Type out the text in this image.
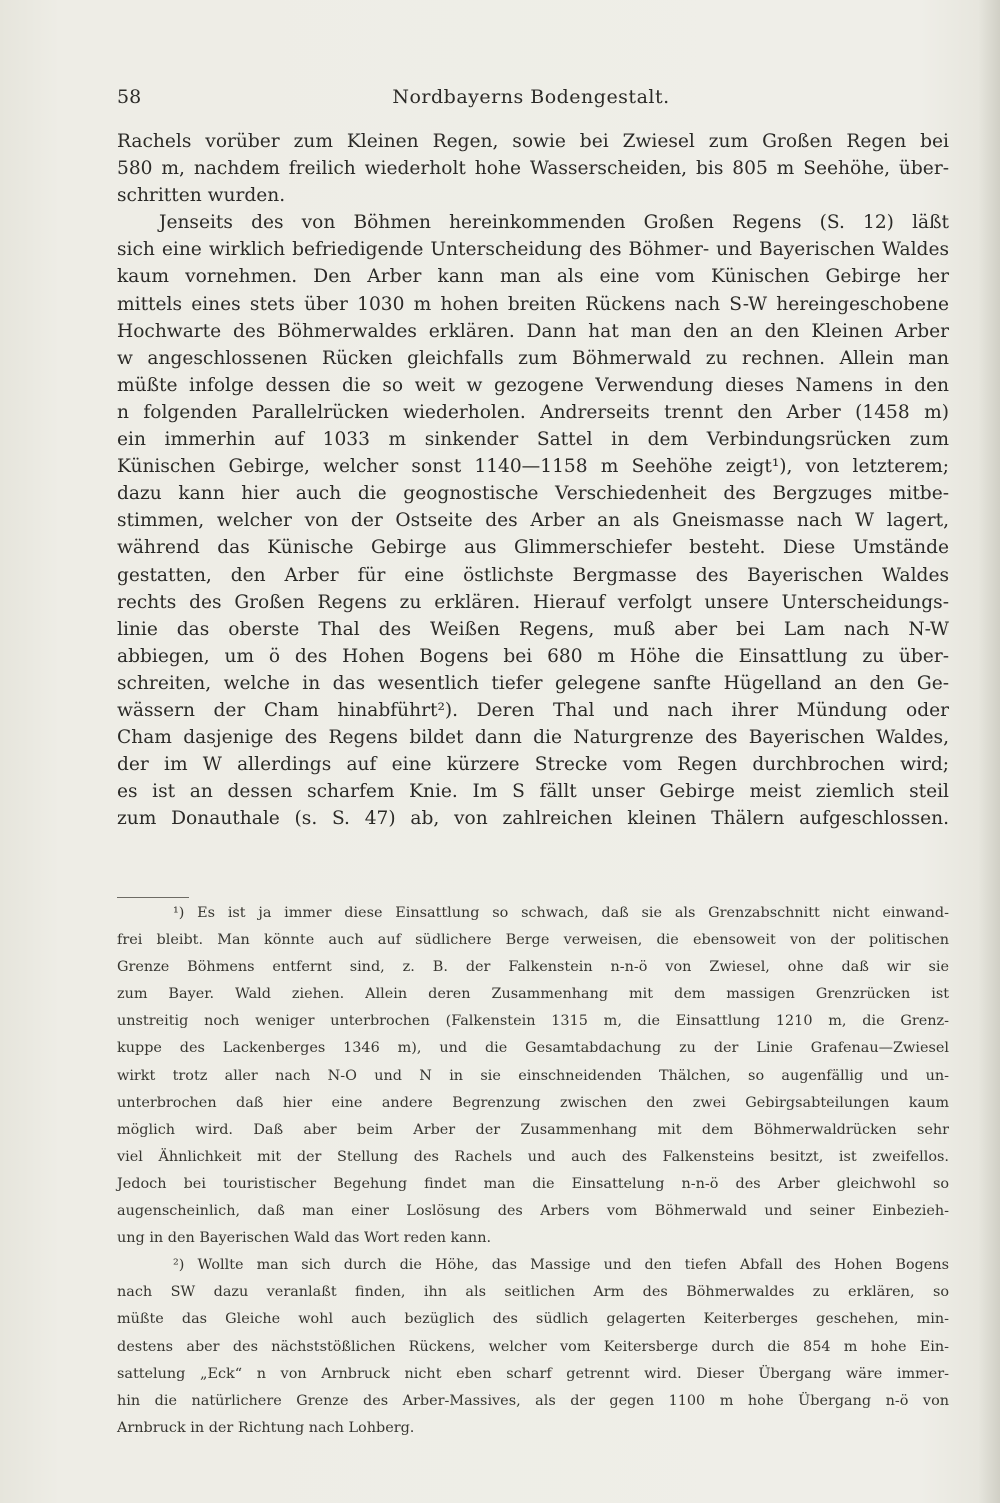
58	Nordbayerns Bodengestalt.
Rachels vorüber zum Kleinen Regen, sowie bei Zwiesel zum Großen Regen bei
580 m, nachdem freilich wiederholt hohe Wasserscheiden, bis 805 m Seehöhe, über-
schritten wurden.
Jenseits des von Böhmen hereinkommenden Großen Regens (S. 12) läßt
sich eine wirklich befriedigende Unterscheidung des Böhmer- und Bayerischen Waldes
kaum vornehmen. Den Arber kann man als eine vom Künischen Gebirge her
mittels eines stets über 1030 m hohen breiten Rückens nach S-W hereingeschobene
Hochwarte des Böhmerwaldes erklären. Dann hat man den an den Kleinen Arber
w angeschlossenen Rücken gleichfalls zum Böhmerwald zu rechnen. Allein man
müßte infolge dessen die so weit w gezogene Verwendung dieses Namens in den
n folgenden Parallelrücken wiederholen. Andrerseits trennt den Arber (1458 m)
ein immerhin auf 1033 m sinkender Sattel in dem Verbindungsrücken zum
Künischen Gebirge, welcher sonst 1140—1158 m Seehöhe zeigt¹), von letzterem;
dazu kann hier auch die geognostische Verschiedenheit des Bergzuges mitbe-
stimmen, welcher von der Ostseite des Arber an als Gneismasse nach W lagert,
während das Künische Gebirge aus Glimmerschiefer besteht. Diese Umstände
gestatten, den Arber für eine östlichste Bergmasse des Bayerischen Waldes
rechts des Großen Regens zu erklären. Hierauf verfolgt unsere Unterscheidungs-
linie das oberste Thal des Weißen Regens, muß aber bei Lam nach N-W
abbiegen, um ö des Hohen Bogens bei 680 m Höhe die Einsattlung zu über-
schreiten, welche in das wesentlich tiefer gelegene sanfte Hügelland an den Ge-
wässern der Cham hinabführt²). Deren Thal und nach ihrer Mündung oder
Cham dasjenige des Regens bildet dann die Naturgrenze des Bayerischen Waldes,
der im W allerdings auf eine kürzere Strecke vom Regen durchbrochen wird;
es ist an dessen scharfem Knie. Im S fällt unser Gebirge meist ziemlich steil
zum Donauthale (s. S. 47) ab, von zahlreichen kleinen Thälern aufgeschlossen.
¹) Es ist ja immer diese Einsattlung so schwach, daß sie als Grenzabschnitt nicht einwand-
frei bleibt. Man könnte auch auf südlichere Berge verweisen, die ebensoweit von der politischen
Grenze Böhmens entfernt sind, z. B. der Falkenstein n-n-ö von Zwiesel, ohne daß wir sie
zum Bayer. Wald ziehen. Allein deren Zusammenhang mit dem massigen Grenzrücken ist
unstreitig noch weniger unterbrochen (Falkenstein 1315 m, die Einsattlung 1210 m, die Grenz-
kuppe des Lackenberges 1346 m), und die Gesamtabdachung zu der Linie Grafenau—Zwiesel
wirkt trotz aller nach N-O und N in sie einschneidenden Thälchen, so augenfällig und un-
unterbrochen daß hier eine andere Begrenzung zwischen den zwei Gebirgsabteilungen kaum
möglich wird. Daß aber beim Arber der Zusammenhang mit dem Böhmerwaldrücken sehr
viel Ähnlichkeit mit der Stellung des Rachels und auch des Falkensteins besitzt, ist zweifellos.
Jedoch bei touristischer Begehung findet man die Einsattelung n-n-ö des Arber gleichwohl so
augenscheinlich, daß man einer Loslösung des Arbers vom Böhmerwald und seiner Einbezieh-
ung in den Bayerischen Wald das Wort reden kann.
²) Wollte man sich durch die Höhe, das Massige und den tiefen Abfall des Hohen Bogens
nach SW dazu veranlaßt finden, ihn als seitlichen Arm des Böhmerwaldes zu erklären, so
müßte das Gleiche wohl auch bezüglich des südlich gelagerten Keiterberges geschehen, min-
destens aber des nächststößlichen Rückens, welcher vom Keitersberge durch die 854 m hohe Ein-
sattelung „Eck“ n von Arnbruck nicht eben scharf getrennt wird. Dieser Übergang wäre immer-
hin die natürlichere Grenze des Arber-Massives, als der gegen 1100 m hohe Übergang n-ö von
Arnbruck in der Richtung nach Lohberg.
